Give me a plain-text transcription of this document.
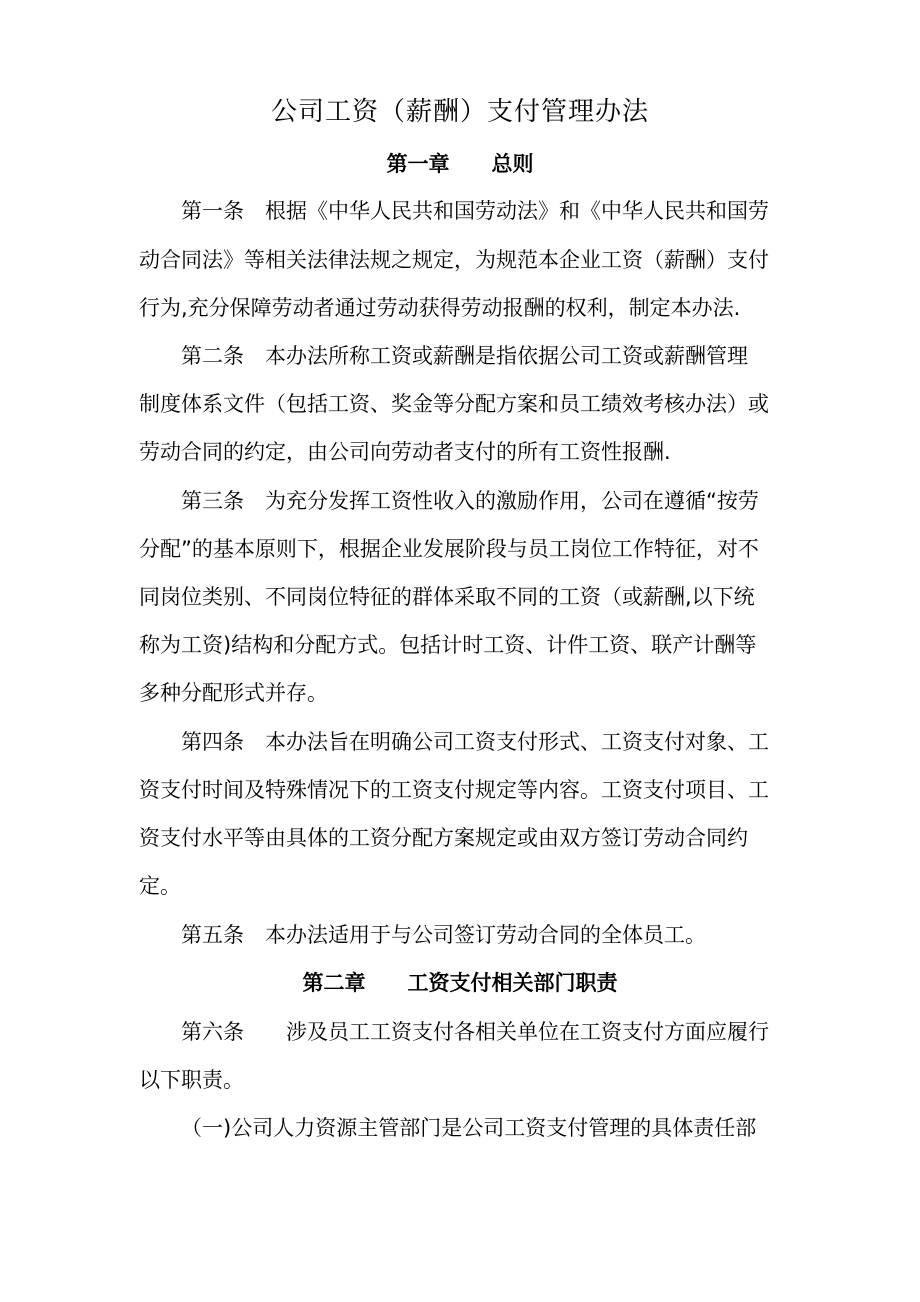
公司工资（薪酬）支付管理办法
第一章　　总则
第一条　根据《中华人民共和国劳动法》和《中华人民共和国劳
动合同法》等相关法律法规之规定，为规范本企业工资（薪酬）支付
行为,充分保障劳动者通过劳动获得劳动报酬的权利，制定本办法.
第二条　本办法所称工资或薪酬是指依据公司工资或薪酬管理
制度体系文件（包括工资、奖金等分配方案和员工绩效考核办法）或
劳动合同的约定，由公司向劳动者支付的所有工资性报酬.
第三条　为充分发挥工资性收入的激励作用，公司在遵循“按劳
分配”的基本原则下，根据企业发展阶段与员工岗位工作特征，对不
同岗位类别、不同岗位特征的群体采取不同的工资（或薪酬,以下统
称为工资)结构和分配方式。包括计时工资、计件工资、联产计酬等
多种分配形式并存。
第四条　本办法旨在明确公司工资支付形式、工资支付对象、工
资支付时间及特殊情况下的工资支付规定等内容。工资支付项目、工
资支付水平等由具体的工资分配方案规定或由双方签订劳动合同约
定。
第五条　本办法适用于与公司签订劳动合同的全体员工。
第二章　　工资支付相关部门职责
第六条　　涉及员工工资支付各相关单位在工资支付方面应履行
以下职责。
（一)公司人力资源主管部门是公司工资支付管理的具体责任部
